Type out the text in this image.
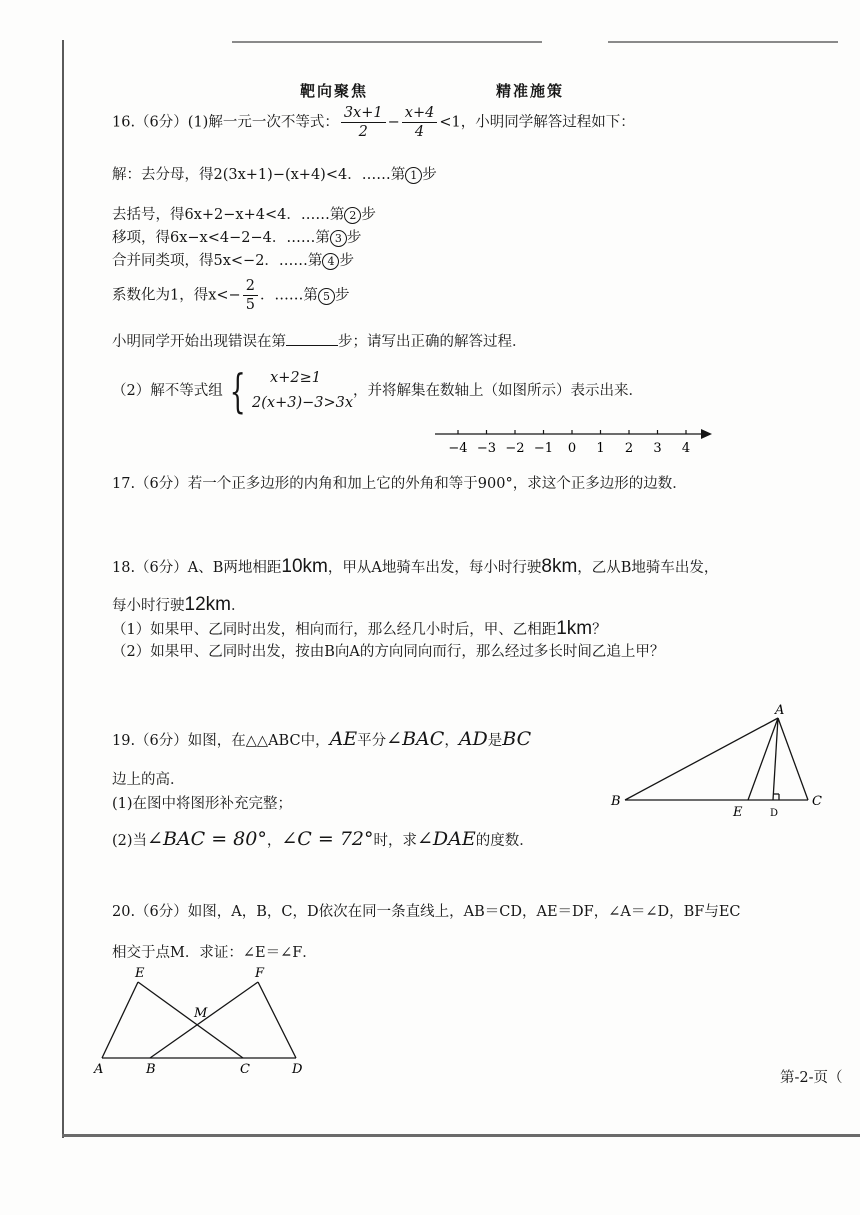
靶向聚焦	精准施策
16.（6分）(1)解一元一次不等式： $\frac{3x+1}{2} - \frac{x+4}{4} <1$，小明同学解答过程如下：
解：去分母，得2(3x+1)−(x+4)<4．……第 1 步
去括号，得6x+2−x+4<4．……第 2 步
移项，得6x−x<4−2−4．……第 3 步
合并同类项，得5x<−2．……第 4 步
系数化为1，得$x<- \frac{2}{5}$ ．……第 5 步
小明同学开始出现错误在第	步；请写出正确的解答过程．
（2）解不等式组 {	x+2≥1
2(x+3)−3>3x
，并将解集在数轴上（如图所示）表示出来．
−4 −3 −2 −1 0 1 2 3 4
17.（6分）若一个正多边形的内角和加上它的外角和等于900°，求这个正多边形的边数．
18.（6分）A、B两地相距10km，甲从A地骑车出发，每小时行驶8km，乙从B地骑车出发，
每小时行驶12km．
（1）如果甲、乙同时出发，相向而行，那么经几小时后，甲、乙相距1km？
（2）如果甲、乙同时出发，按由B向A的方向同向而行，那么经过多长时间乙追上甲？
19.（6分）如图，在△△ABC中，AE平分∠BAC，AD是BC
边上的高．
(1)在图中将图形补充完整；
(2)当∠BAC = 80°，∠C = 72°时，求∠DAE的度数．
A
B	C
E	D
20.（6分）如图，A，B，C，D依次在同一条直线上，AB＝CD，AE＝DF，∠A＝∠D，BF与EC
相交于点M．求证：∠E＝∠F．
E	F
M
A	B	C	D
第-2-页（
